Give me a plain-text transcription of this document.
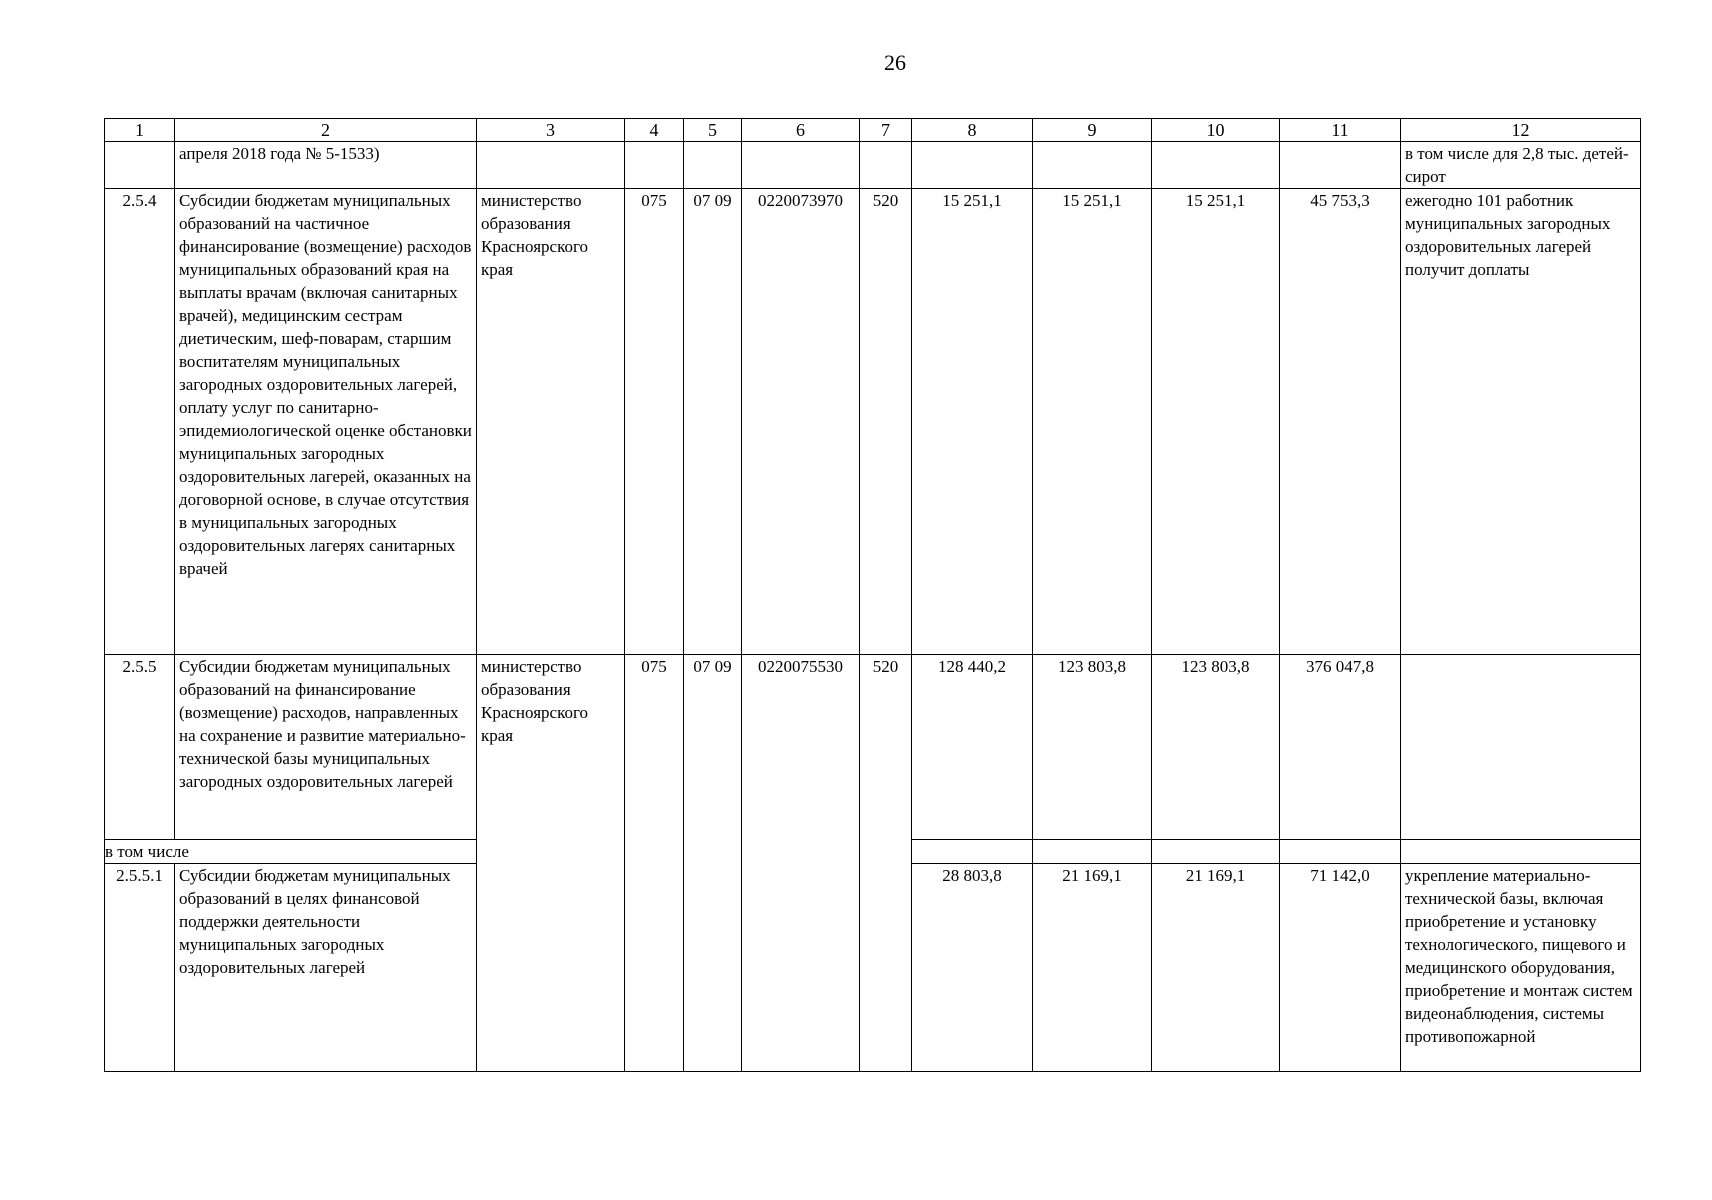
26
1	2	3	4	5	6	7	8	9	10	11	12
	апреля 2018 года № 5-1533)										в том числе для 2,8 тыс. детей-сирот
2.5.4	Субсидии бюджетам муниципальных образований на частичное финансирование (возмещение) расходов муниципальных образований края на выплаты врачам (включая санитарных врачей), медицинским сестрам диетическим, шеф-поварам, старшим воспитателям муниципальных загородных оздоровительных лагерей, оплату услуг по санитарно-эпидемиологической оценке обстановки муниципальных загородных оздоровительных лагерей, оказанных на договорной основе, в случае отсутствия в муниципальных загородных оздоровительных лагерях санитарных врачей	министерство образования Красноярского края	075	07 09	0220073970	520	15 251,1	15 251,1	15 251,1	45 753,3	ежегодно 101 работник муниципальных загородных оздоровительных лагерей получит доплаты
2.5.5	Субсидии бюджетам муниципальных образований на финансирование (возмещение) расходов, направленных на сохранение и развитие материально-технической базы муниципальных загородных оздоровительных лагерей	министерство образования Красноярского края	075	07 09	0220075530	520	128 440,2	123 803,8	123 803,8	376 047,8	
в том числе											
2.5.5.1	Субсидии бюджетам муниципальных образований в целях финансовой поддержки деятельности муниципальных загородных оздоровительных лагерей						28 803,8	21 169,1	21 169,1	71 142,0	укрепление материально-технической базы, включая приобретение и установку технологического, пищевого и медицинского оборудования, приобретение и монтаж систем видеонаблюдения, системы противопожарной
